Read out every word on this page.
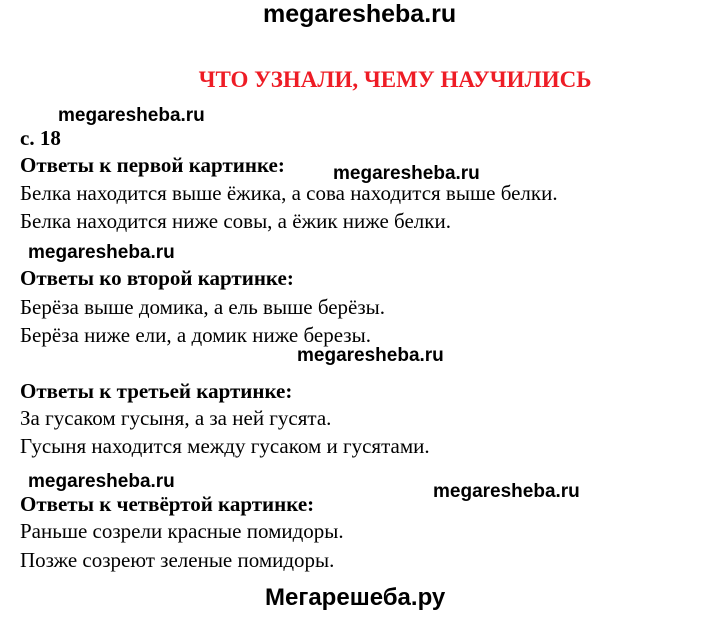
megaresheba.ru
ЧТО УЗНАЛИ, ЧЕМУ НАУЧИЛИСЬ
megaresheba.ru
с. 18
Ответы к первой картинке:	megaresheba.ru
Белка находится выше ёжика, а сова находится выше белки.
Белка находится ниже совы, а ёжик ниже белки.
megaresheba.ru
Ответы ко второй картинке:
Берёза выше домика, а ель выше берёзы.
Берёза ниже ели, а домик ниже березы.
megaresheba.ru
Ответы к третьей картинке:
За гусаком гусыня, а за ней гусята.
Гусыня находится между гусаком и гусятами.
megaresheba.ru	megaresheba.ru
Ответы к четвёртой картинке:
Раньше созрели красные помидоры.
Позже созреют зеленые помидоры.
Мегарешеба.ру
